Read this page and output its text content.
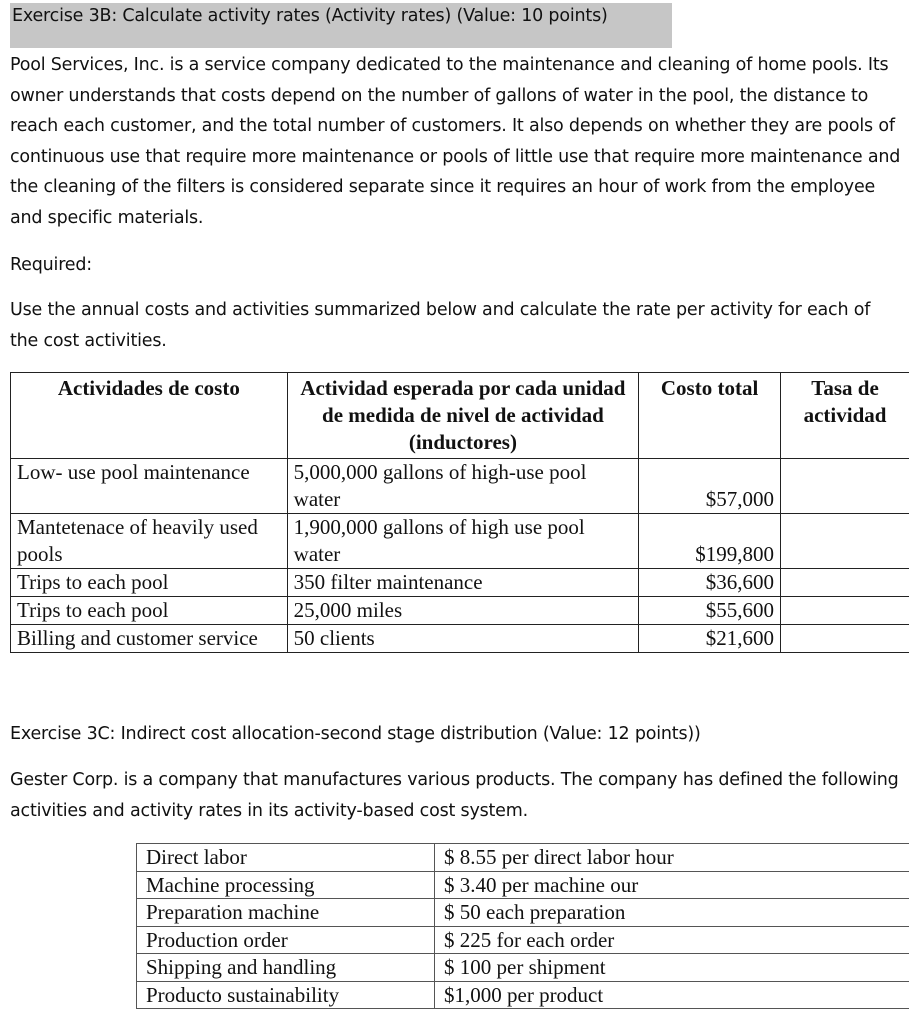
Exercise 3B: Calculate activity rates (Activity rates) (Value: 10 points)
Pool Services, Inc. is a service company dedicated to the maintenance and cleaning of home pools. Its owner understands that costs depend on the number of gallons of water in the pool, the distance to reach each customer, and the total number of customers. It also depends on whether they are pools of continuous use that require more maintenance or pools of little use that require more maintenance and the cleaning of the filters is considered separate since it requires an hour of work from the employee and specific materials.
Required:
Use the annual costs and activities summarized below and calculate the rate per activity for each of the cost activities.
Actividades de costo	Actividad esperada por cada unidad de medida de nivel de actividad (inductores)	Costo total	Tasa de actividad
Low- use pool maintenance	5,000,000 gallons of high-use pool water	$57,000	
Mantetenace of heavily used pools	1,900,000 gallons of high use pool water	$199,800	
Trips to each pool	350 filter maintenance	$36,600	
Trips to each pool	25,000 miles	$55,600	
Billing and customer service	50 clients	$21,600	
Exercise 3C: Indirect cost allocation-second stage distribution (Value: 12 points))
Gester Corp. is a company that manufactures various products. The company has defined the following activities and activity rates in its activity-based cost system.
Direct labor	$ 8.55 per direct labor hour
Machine processing	$ 3.40 per machine our
Preparation machine	$ 50 each preparation
Production order	$ 225 for each order
Shipping and handling	$ 100 per shipment
Producto sustainability	$1,000 per product
